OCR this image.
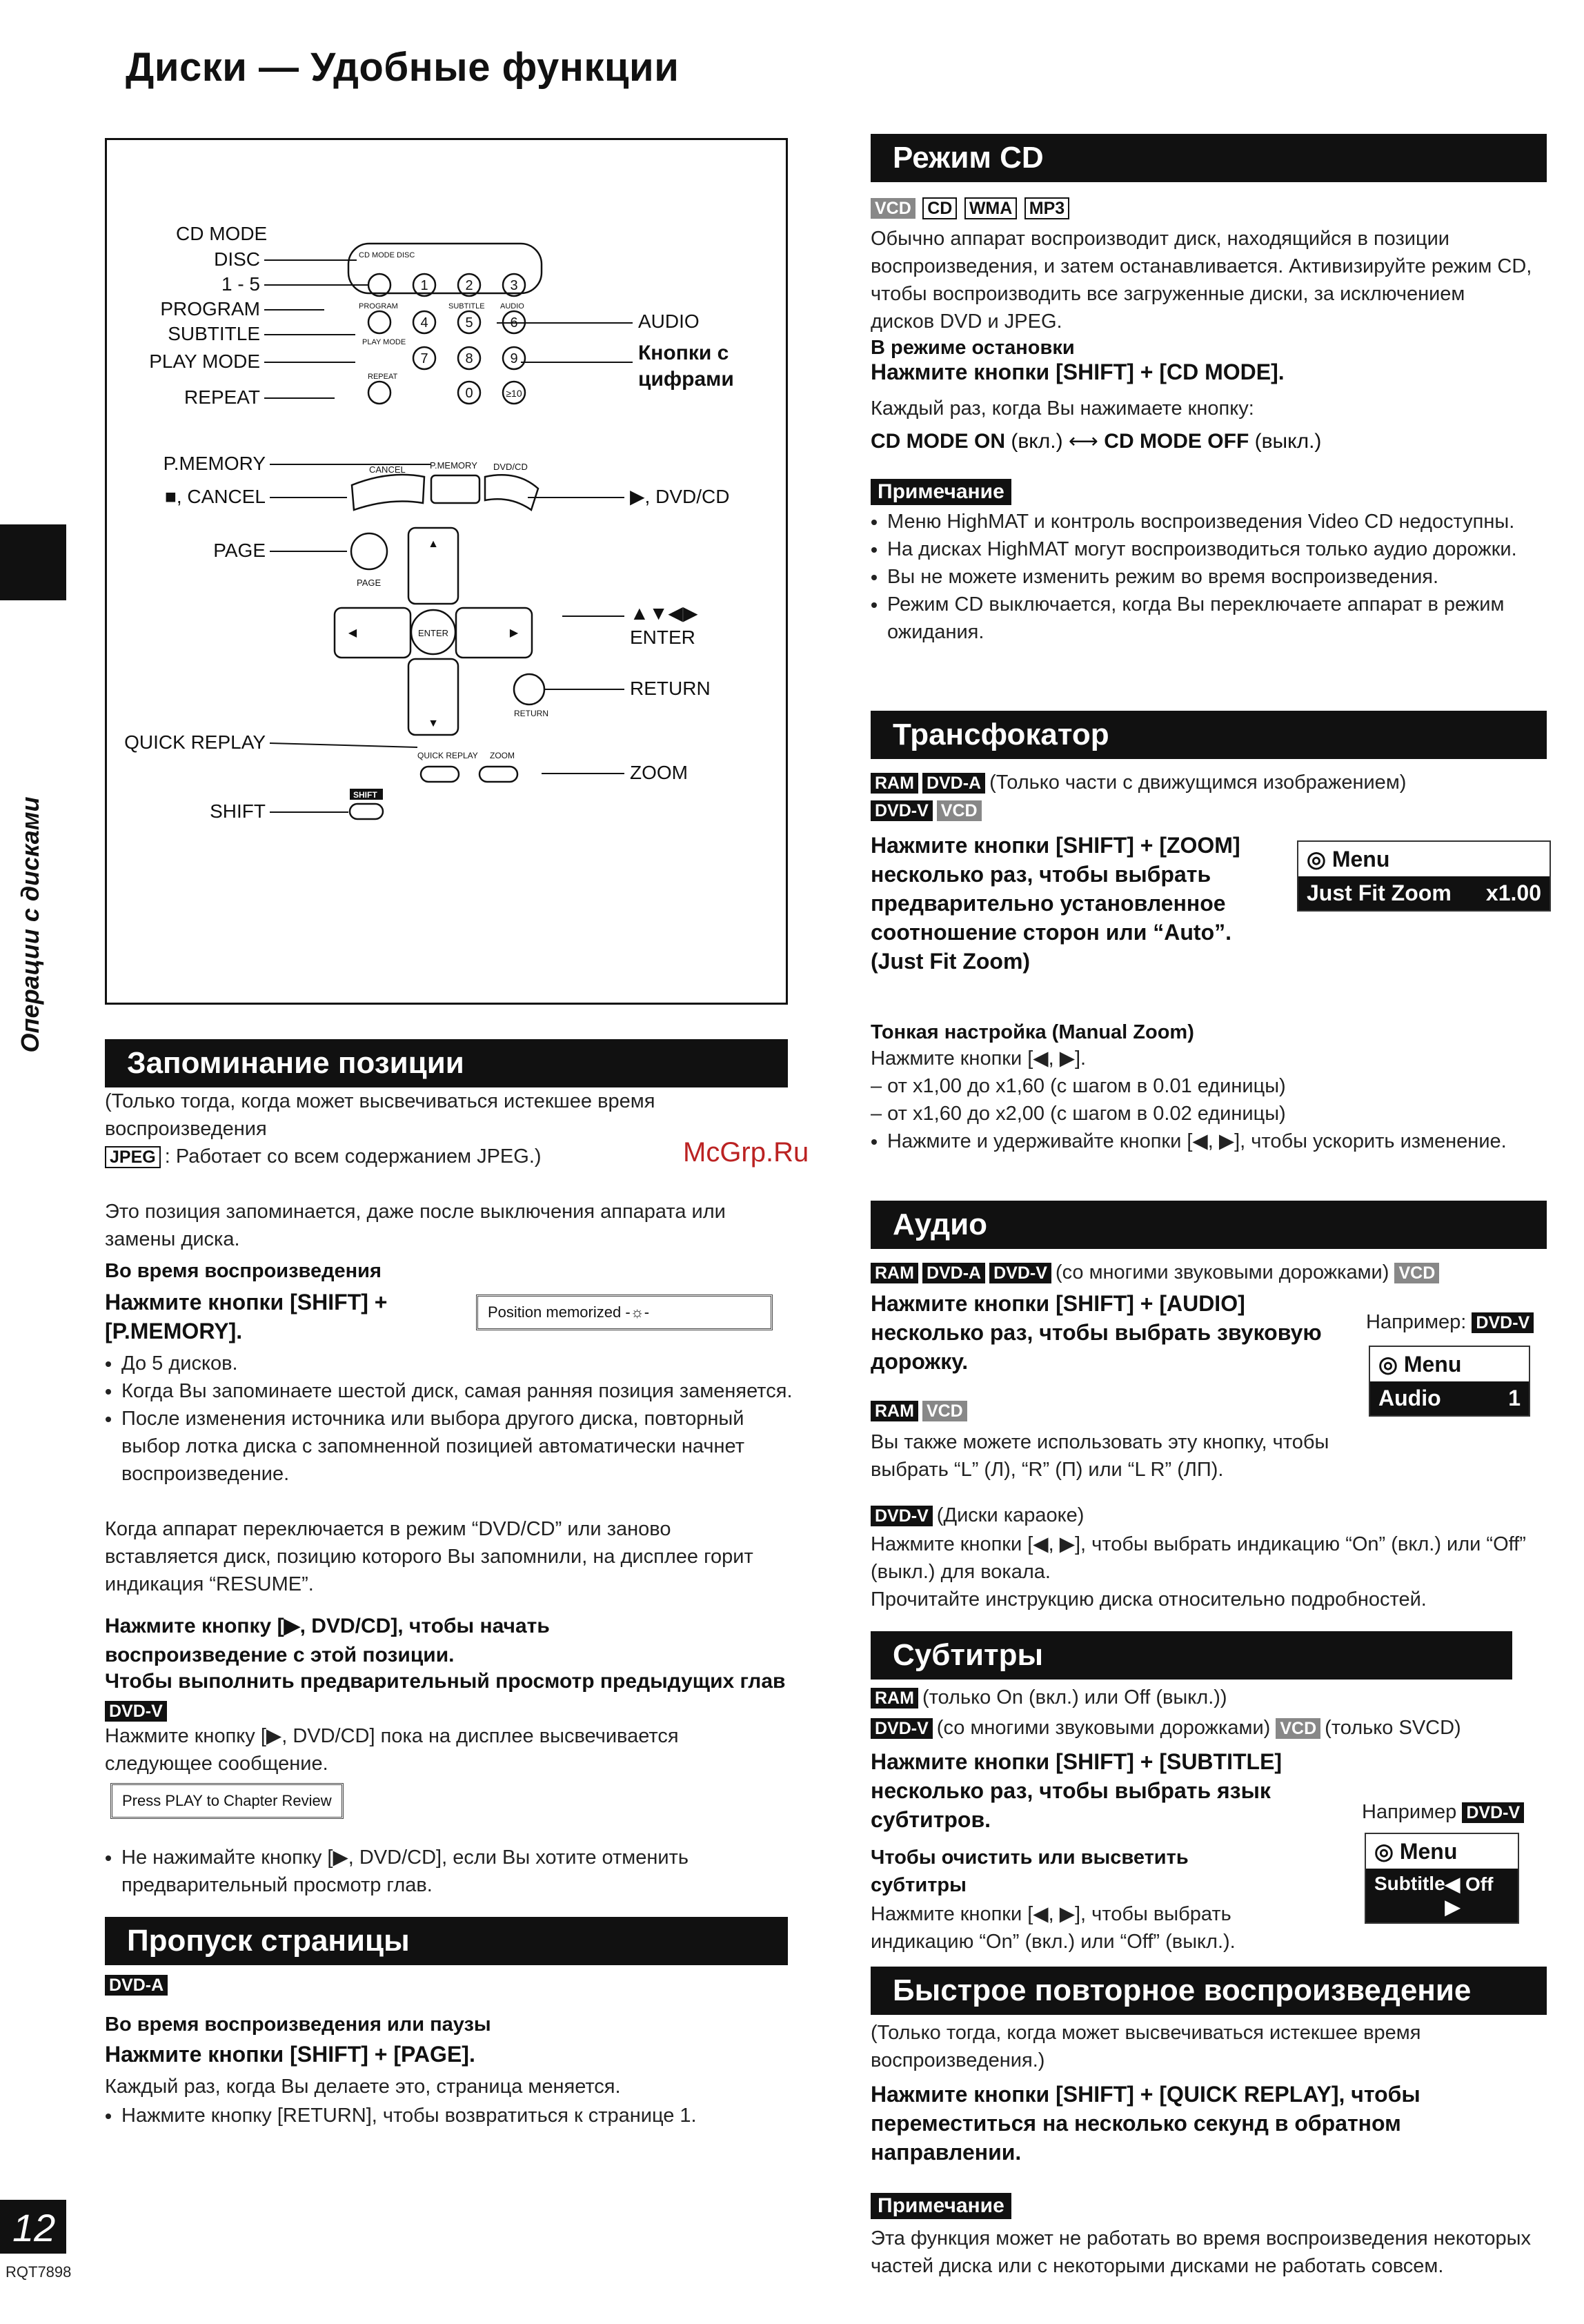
Диски — Удобные функции
Операции с дисками
CD MODE
DISC
1 - 5
PROGRAM
SUBTITLE
PLAY MODE
REPEAT
P.MEMORY
■, CANCEL
PAGE
QUICK REPLAY
SHIFT
AUDIO
Кнопки с
цифрами
▶, DVD/CD
▲▼◀▶
ENTER
RETURN
ZOOM
1	2	3
4	5	6
7	8	9
0	≥10
CD MODE DISC
PROGRAM	SUBTITLE AUDIO
PLAY MODE
REPEAT
CANCEL	P.MEMORY DVD/CD
PAGE
▲
▼
◀	▶
ENTER
RETURN
QUICK REPLAY ZOOM
SHIFT
Запоминание позиции
(Только тогда, когда может высвечиваться истекшее время
воспроизведения
JPEG : Работает со всем содержанием JPEG.)
Это позиция запоминается, даже после выключения аппарата или замены диска.
Во время воспроизведения
Нажмите кнопки [SHIFT] + [P.MEMORY].
Position memorized -☼-
• До 5 дисков.
• Когда Вы запоминаете шестой диск, самая ранняя позиция заменяется.
• После изменения источника или выбора другого диска, повторный выбор лотка диска с запомненной позицией автоматически начнет воспроизведение.
Когда аппарат переключается в режим “DVD/CD” или заново вставляется диск, позицию которого Вы запомнили, на дисплее горит индикация “RESUME”.
Нажмите кнопку [▶, DVD/CD], чтобы начать воспроизведение с этой позиции.
Чтобы выполнить предварительный просмотр предыдущих глав DVD-V
Нажмите кнопку [▶, DVD/CD] пока на дисплее высвечивается следующее сообщение.
Press PLAY to Chapter Review
• Не нажимайте кнопку [▶, DVD/CD], если Вы хотите отменить предварительный просмотр глав.
Пропуск страницы
DVD-A
Во время воспроизведения или паузы
Нажмите кнопки [SHIFT] + [PAGE].
Каждый раз, когда Вы делаете это, страница меняется.
• Нажмите кнопку [RETURN], чтобы возвратиться к странице 1.
12
RQT7898
McGrp.Ru
Режим CD
VCD CD WMA MP3
Обычно аппарат воспроизводит диск, находящийся в позиции воспроизведения, и затем останавливается. Активизируйте режим CD, чтобы воспроизводить все загруженные диски, за исключением дисков DVD и JPEG.
В режиме остановки
Нажмите кнопки [SHIFT] + [CD MODE].
Каждый раз, когда Вы нажимаете кнопку:
CD MODE ON (вкл.) ⟷ CD MODE OFF (выкл.)
Примечание
• Меню HighMAT и контроль воспроизведения Video CD недоступны.
• На дисках HighMAT могут воспроизводиться только аудио дорожки.
• Вы не можете изменить режим во время воспроизведения.
• Режим CD выключается, когда Вы переключаете аппарат в режим ожидания.
Трансфокатор
RAM DVD-A (Только части с движущимся изображением)
DVD-V VCD
Нажмите кнопки [SHIFT] + [ZOOM] несколько раз, чтобы выбрать предварительно установленное соотношение сторон или “Auto”. (Just Fit Zoom)
◎ Menu
Just Fit Zoom x1.00
Тонкая настройка (Manual Zoom)
Нажмите кнопки [◀, ▶].
– от x1,00 до x1,60 (с шагом в 0.01 единицы)
– от x1,60 до x2,00 (с шагом в 0.02 единицы)
• Нажмите и удерживайте кнопки [◀, ▶], чтобы ускорить изменение.
Аудио
RAM DVD-A DVD-V (со многими звуковыми дорожками) VCD
Нажмите кнопки [SHIFT] + [AUDIO] несколько раз, чтобы выбрать звуковую дорожку.
Например: DVD-V
◎ Menu
Audio	1
RAM VCD
Вы также можете использовать эту кнопку, чтобы выбрать “L” (Л), “R” (П) или “L R” (ЛП).
DVD-V (Диски караоке)
Нажмите кнопки [◀, ▶], чтобы выбрать индикацию “On” (вкл.) или “Off” (выкл.) для вокала.
Прочитайте инструкцию диска относительно подробностей.
Субтитры
RAM (только On (вкл.) или Off (выкл.))
DVD-V (со многими звуковыми дорожками) VCD (только SVCD)
Нажмите кнопки [SHIFT] + [SUBTITLE] несколько раз, чтобы выбрать язык субтитров.	Например DVD-V
◎ Menu
Subtitle ◀ Off ▶
Чтобы очистить или высветить субтитры
Нажмите кнопки [◀, ▶], чтобы выбрать индикацию “On” (вкл.) или “Off” (выкл.).
Быстрое повторное воспроизведение
(Только тогда, когда может высвечиваться истекшее время воспроизведения.)
Нажмите кнопки [SHIFT] + [QUICK REPLAY], чтобы переместиться на несколько секунд в обратном направлении.
Примечание
Эта функция может не работать во время воспроизведения некоторых частей диска или с некоторыми дисками не работать совсем.
